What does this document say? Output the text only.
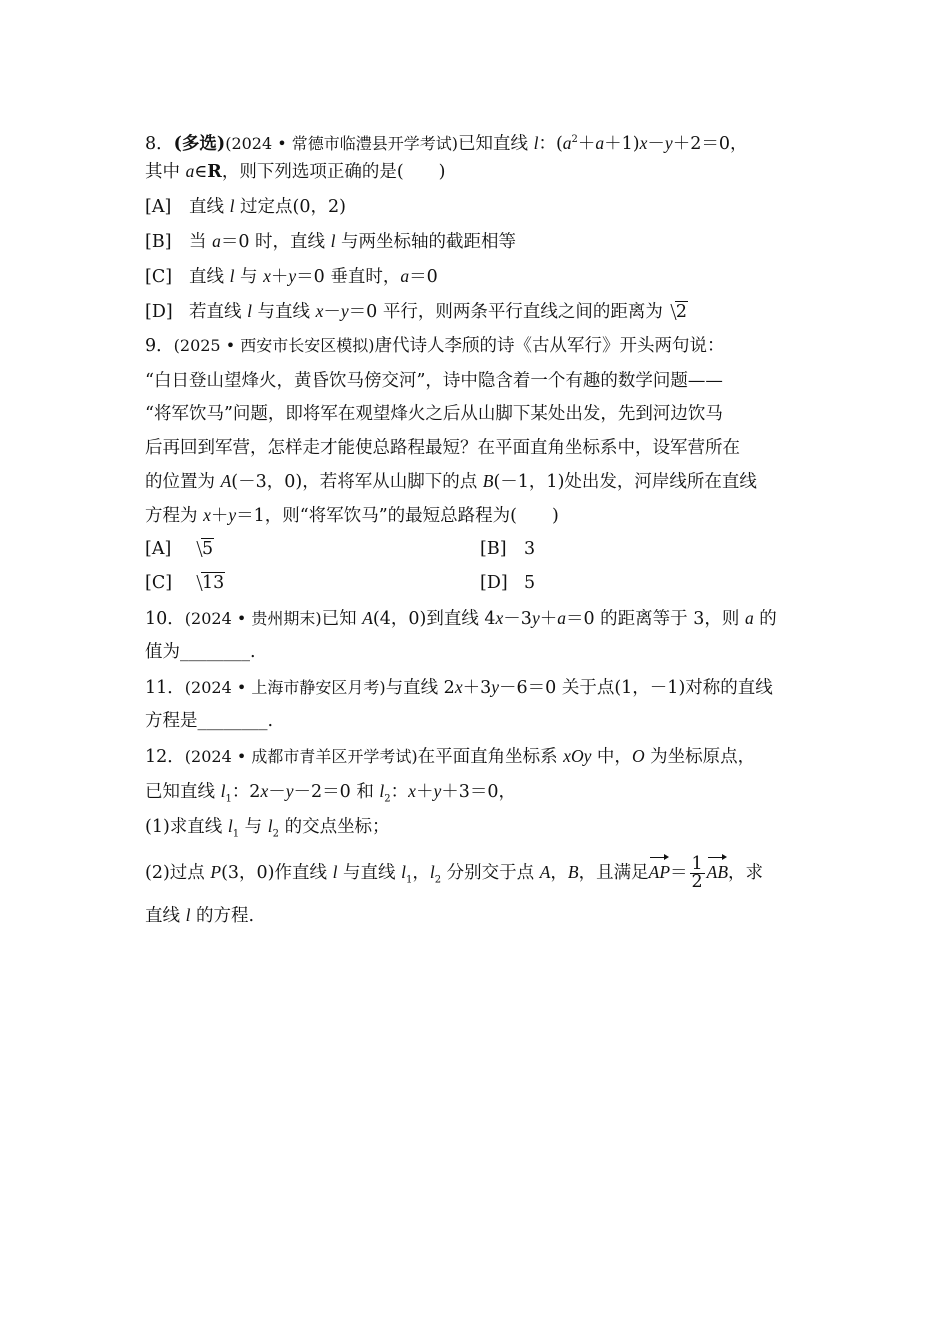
8．(多选)(2024 • 常德市临澧县开学考试)已知直线 l：$(a^2+a+1)x-y+2=0$，
其中 a∈R，则下列选项正确的是(　　)
[A] 直线 l 过定点(0，2)
[B] 当 a＝0 时，直线 l 与两坐标轴的截距相等
[C] 直线 l 与 x＋y＝0 垂直时，a＝0
[D] 若直线 l 与直线 x－y＝0 平行，则两条平行直线之间的距离为 2
9．(2025 • 西安市长安区模拟)唐代诗人李颀的诗《古从军行》开头两句说：
“白日登山望烽火，黄昏饮马傍交河”，诗中隐含着一个有趣的数学问题——
“将军饮马”问题，即将军在观望烽火之后从山脚下某处出发，先到河边饮马
后再回到军营，怎样走才能使总路程最短？在平面直角坐标系中，设军营所在
的位置为 A(－3，0)，若将军从山脚下的点 B(－1，1)处出发，河岸线所在直线
方程为 x＋y＝1，则“将军饮马”的最短总路程为(　　)
[A] 5	[B] 3
[C] 13	[D] 5
10．(2024 • 贵州期末)已知 A(4，0)到直线 4x－3y＋a＝0 的距离等于 3，则 a 的
值为________.
11．(2024 • 上海市静安区月考)与直线 2x＋3y－6＝0 关于点(1，－1)对称的直线
方程是________.
12．(2024 • 成都市青羊区开学考试)在平面直角坐标系 xOy 中，O 为坐标原点，
已知直线 $l_1$：2x－y－2＝0 和 $l_2$：x＋y＋3＝0，
(1)求直线 $l_1$ 与 $l_2$ 的交点坐标；
(2)过点 P(3，0)作直线 l 与直线 $l_1$，$l_2$ 分别交于点 A，B，且满足$AP= \frac{1}{2}$ AB，求
直线 l 的方程.
